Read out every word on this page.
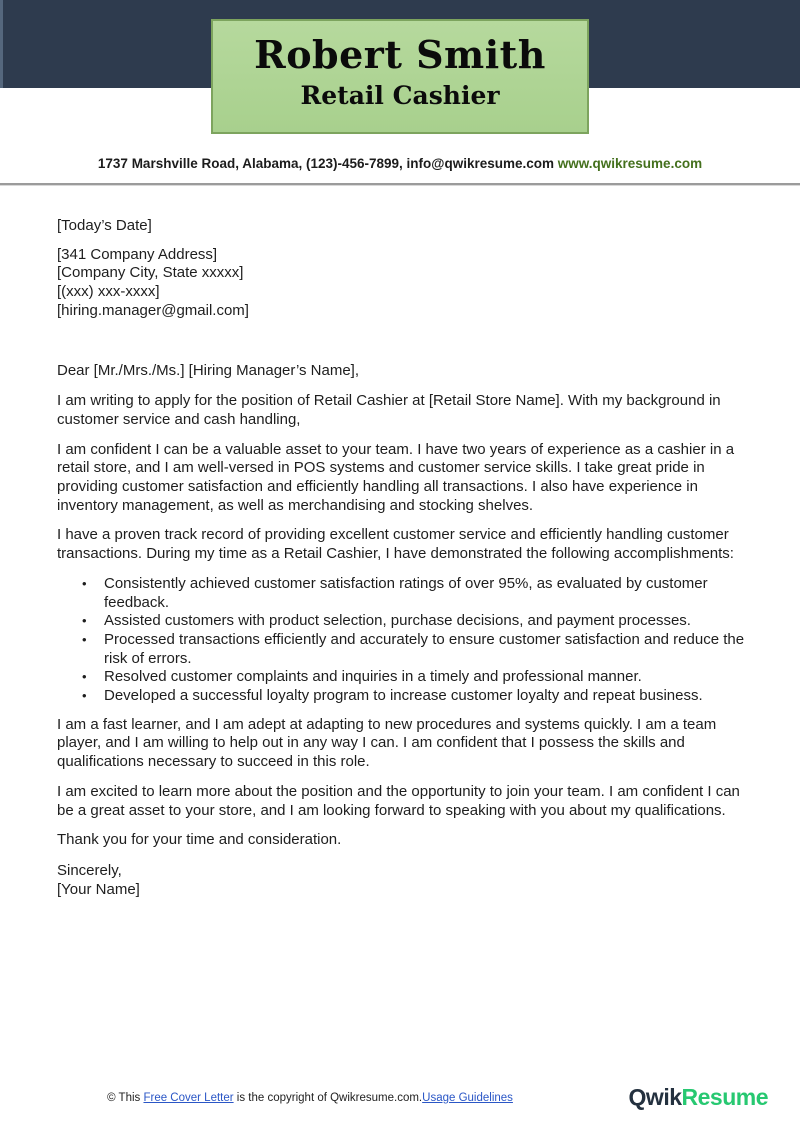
Robert Smith
Retail Cashier
1737 Marshville Road, Alabama, (123)-456-7899, info@qwikresume.com www.qwikresume.com

[Today’s Date]

[341 Company Address]
[Company City, State xxxxx]
[(xxx) xxx-xxxx]
[hiring.manager@gmail.com]

Dear [Mr./Mrs./Ms.] [Hiring Manager’s Name],

I am writing to apply for the position of Retail Cashier at [Retail Store Name]. With my background in customer service and cash handling,

I am confident I can be a valuable asset to your team. I have two years of experience as a cashier in a retail store, and I am well-versed in POS systems and customer service skills. I take great pride in providing customer satisfaction and efficiently handling all transactions. I also have experience in inventory management, as well as merchandising and stocking shelves.

I have a proven track record of providing excellent customer service and efficiently handling customer transactions. During my time as a Retail Cashier, I have demonstrated the following accomplishments:

• Consistently achieved customer satisfaction ratings of over 95%, as evaluated by customer feedback.
• Assisted customers with product selection, purchase decisions, and payment processes.
• Processed transactions efficiently and accurately to ensure customer satisfaction and reduce the risk of errors.
• Resolved customer complaints and inquiries in a timely and professional manner.
• Developed a successful loyalty program to increase customer loyalty and repeat business.

I am a fast learner, and I am adept at adapting to new procedures and systems quickly. I am a team player, and I am willing to help out in any way I can. I am confident that I possess the skills and qualifications necessary to succeed in this role.

I am excited to learn more about the position and the opportunity to join your team. I am confident I can be a great asset to your store, and I am looking forward to speaking with you about my qualifications.

Thank you for your time and consideration.

Sincerely,
[Your Name]
© This Free Cover Letter is the copyright of Qwikresume.com.Usage Guidelines	QwikResume
